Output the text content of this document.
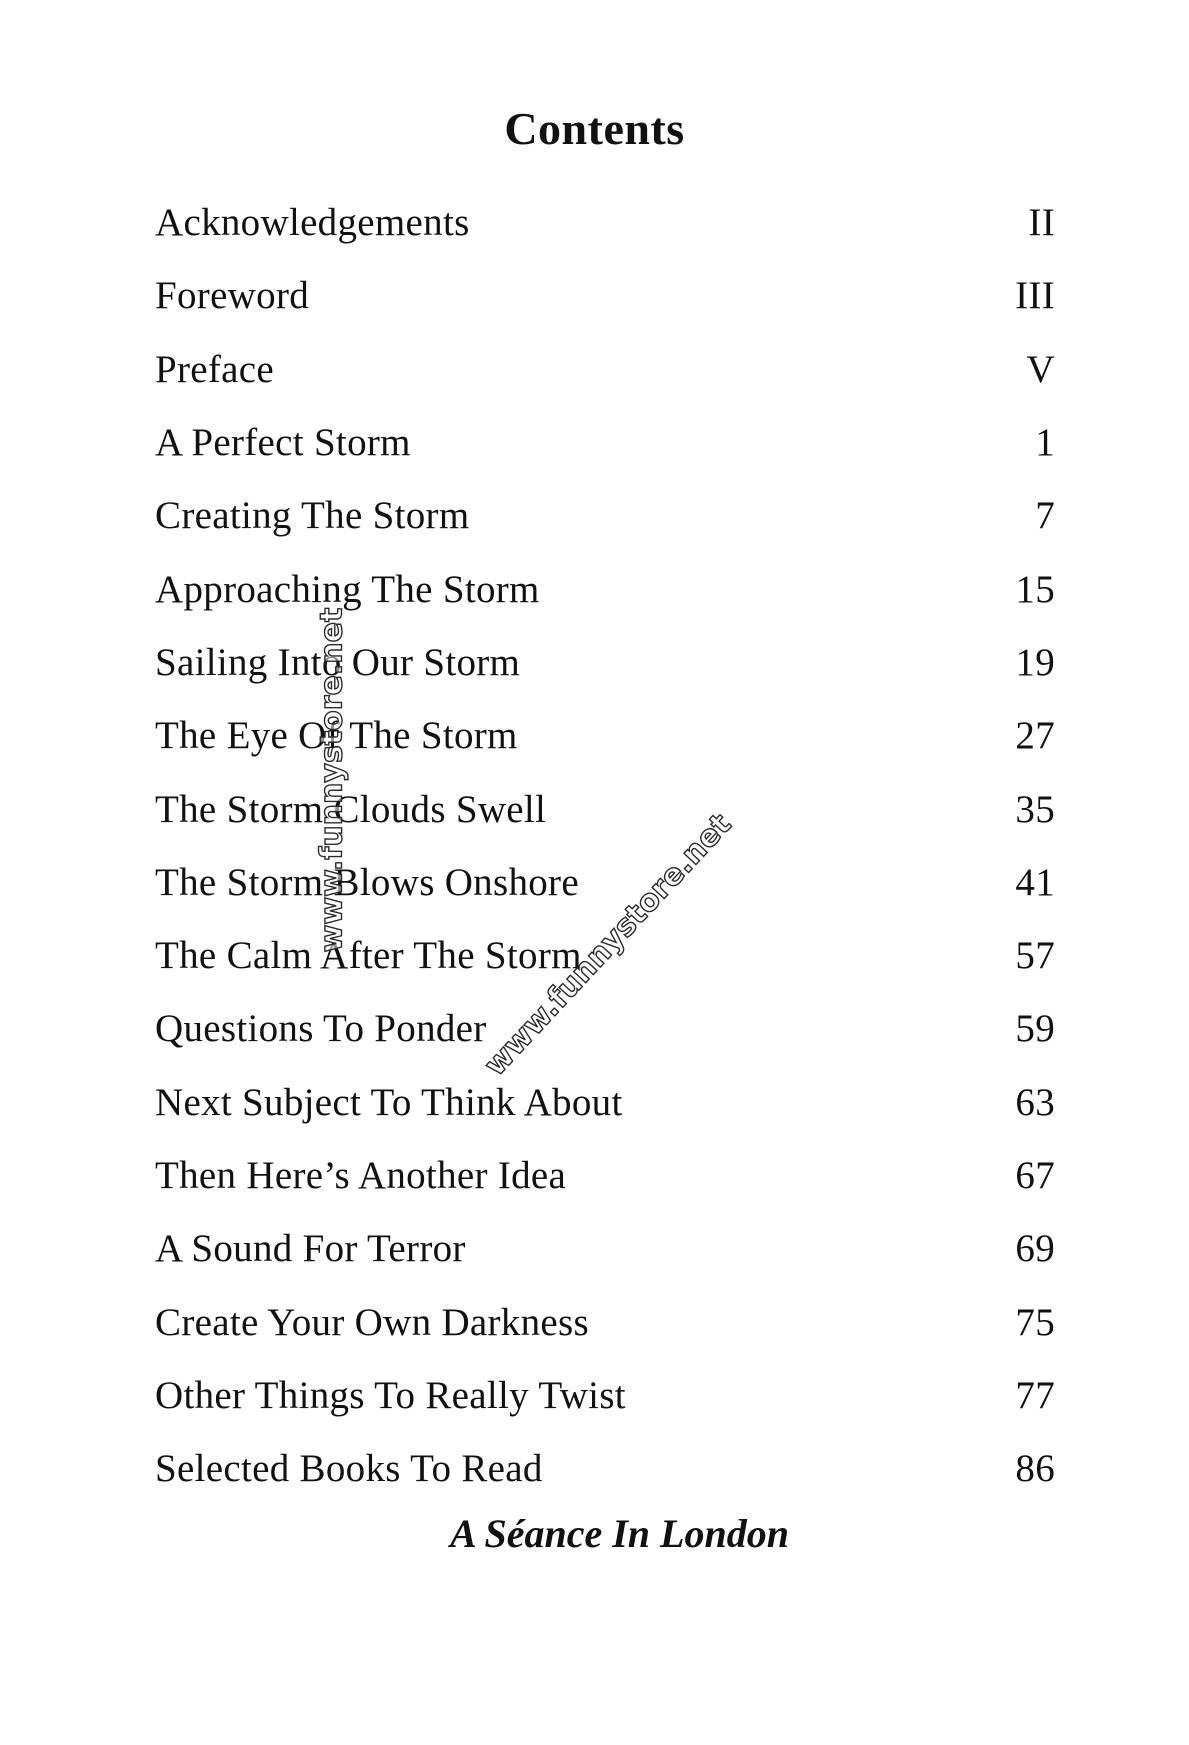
Contents
Acknowledgements	II
Foreword	III
Preface	V
A Perfect Storm	1
Creating The Storm	7
Approaching The Storm	15
Sailing Into Our Storm	19
The Eye Of The Storm	27
The Storm Clouds Swell	35
The Storm Blows Onshore	41
The Calm After The Storm	57
Questions To Ponder	59
Next Subject To Think About	63
Then Here’s Another Idea	67
A Sound For Terror	69
Create Your Own Darkness	75
Other Things To Really Twist	77
Selected Books To Read	86
A Séance In London
www.funnystore.net	www.funnystore.net
